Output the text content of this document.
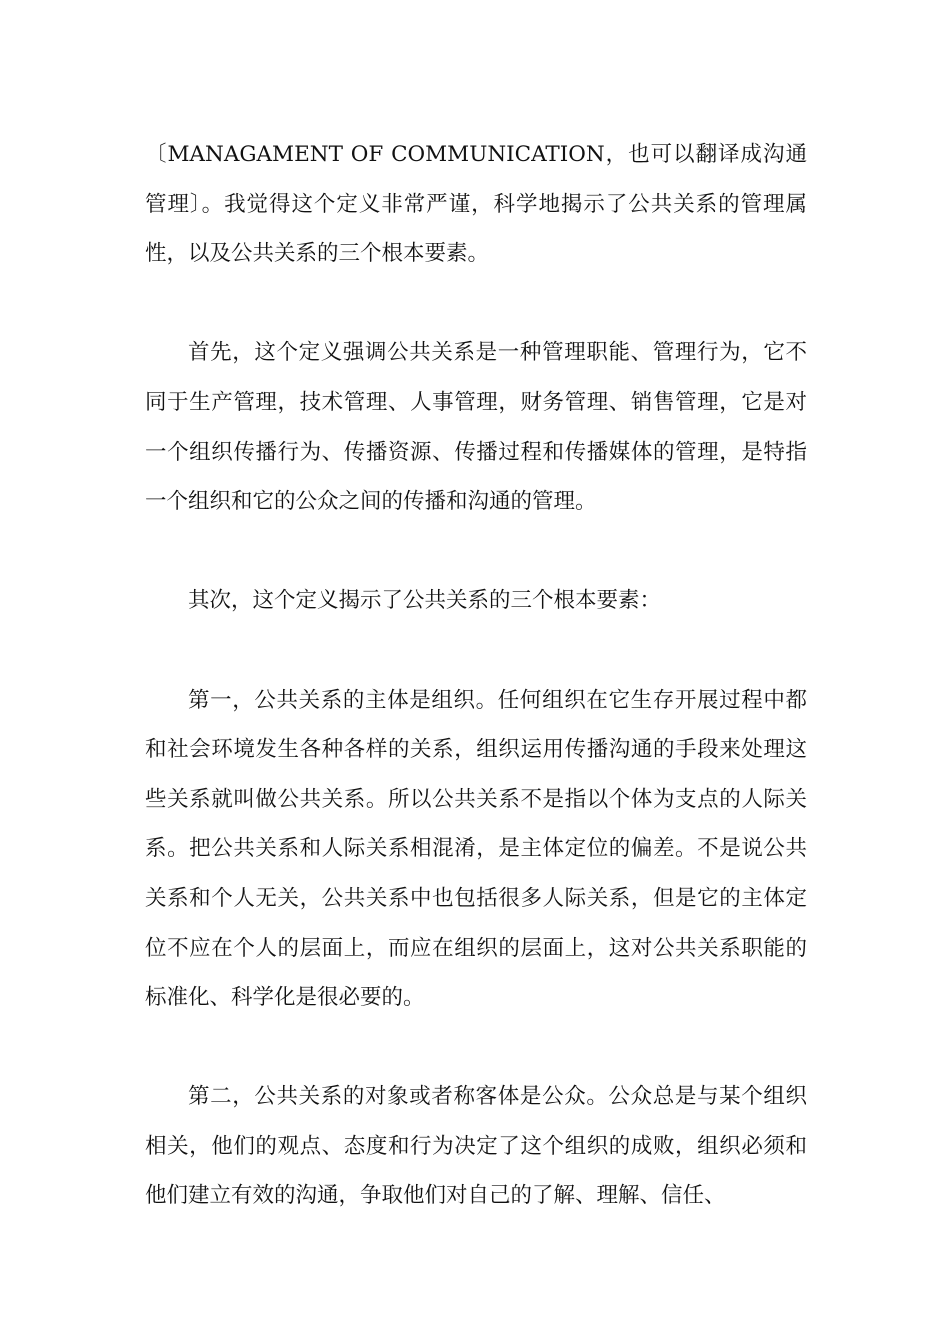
〔MANAGAMENT OF COMMUNICATION，也可以翻译成沟通管理〕。我觉得这个定义非常严谨，科学地揭示了公共关系的管理属性，以及公共关系的三个根本要素。

首先，这个定义强调公共关系是一种管理职能、管理行为，它不同于生产管理，技术管理、人事管理，财务管理、销售管理，它是对一个组织传播行为、传播资源、传播过程和传播媒体的管理，是特指一个组织和它的公众之间的传播和沟通的管理。

其次，这个定义揭示了公共关系的三个根本要素：

第一，公共关系的主体是组织。任何组织在它生存开展过程中都和社会环境发生各种各样的关系，组织运用传播沟通的手段来处理这些关系就叫做公共关系。所以公共关系不是指以个体为支点的人际关系。把公共关系和人际关系相混淆，是主体定位的偏差。不是说公共关系和个人无关，公共关系中也包括很多人际关系，但是它的主体定位不应在个人的层面上，而应在组织的层面上，这对公共关系职能的标准化、科学化是很必要的。

第二，公共关系的对象或者称客体是公众。公众总是与某个组织相关，他们的观点、态度和行为决定了这个组织的成败，组织必须和他们建立有效的沟通，争取他们对自己的了解、理解、信任、
